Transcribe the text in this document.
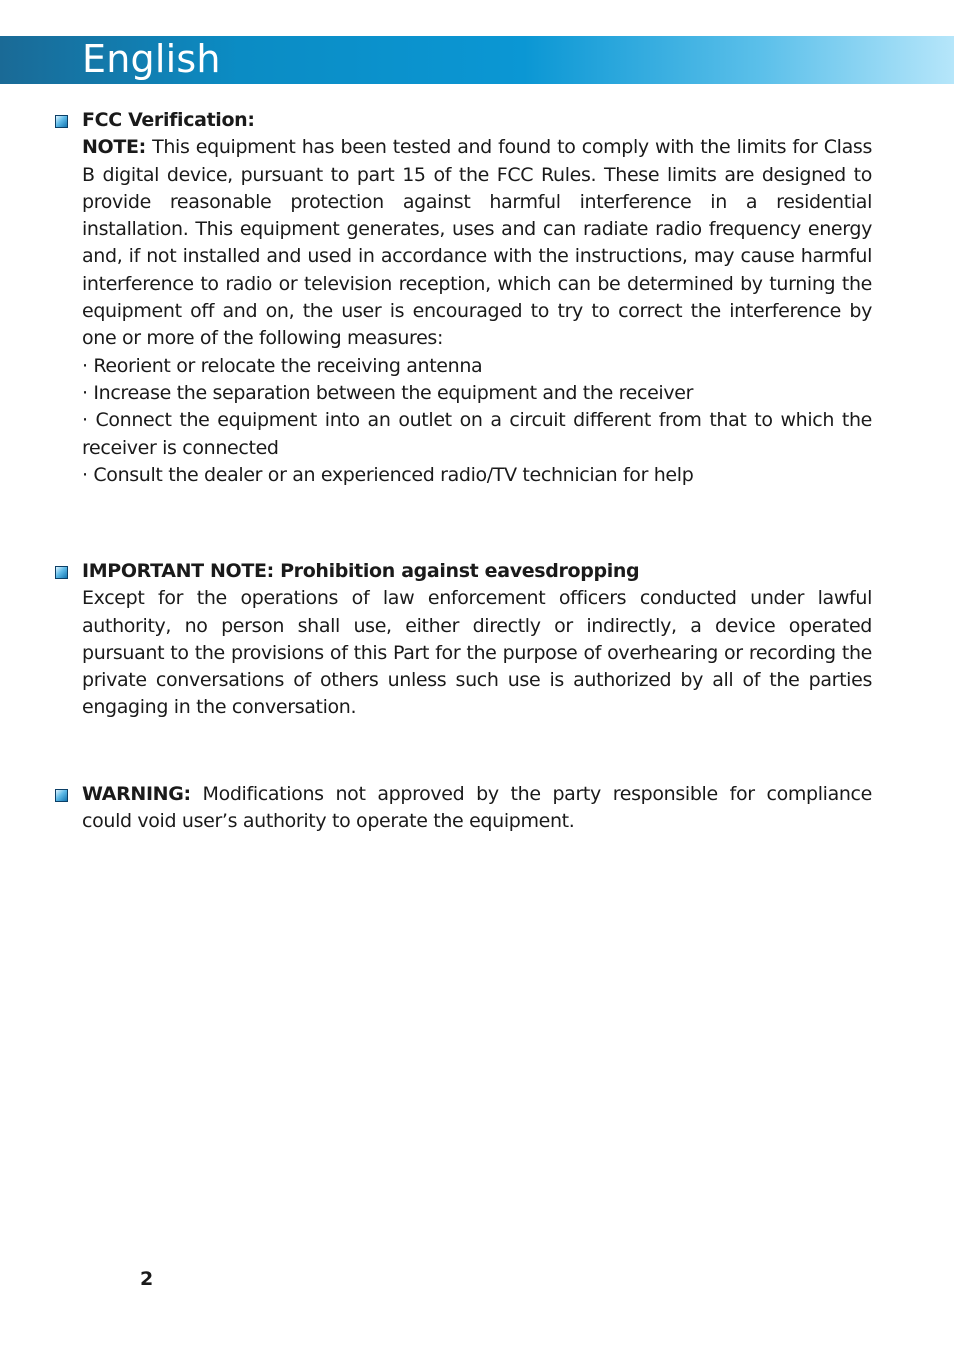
English
FCC Verification:

NOTE: This equipment has been tested and found to comply with the limits for Class B digital device, pursuant to part 15 of the FCC Rules. These limits are designed to provide reasonable protection against harmful interference in a residential installation. This equipment generates, uses and can radiate radio frequency energy and, if not installed and used in accordance with the instructions, may cause harmful interference to radio or television reception, which can be determined by turning the equipment off and on, the user is encouraged to try to correct the interference by one or more of the following measures:

· Reorient or relocate the receiving antenna
· Increase the separation between the equipment and the receiver
· Connect the equipment into an outlet on a circuit different from that to which the receiver is connected
· Consult the dealer or an experienced radio/TV technician for help
IMPORTANT NOTE: Prohibition against eavesdropping

Except for the operations of law enforcement officers conducted under lawful authority, no person shall use, either directly or indirectly, a device operated pursuant to the provisions of this Part for the purpose of overhearing or recording the private conversations of others unless such use is authorized by all of the parties engaging in the conversation.

WARNING: Modifications not approved by the party responsible for compliance could void user’s authority to operate the equipment.

2
